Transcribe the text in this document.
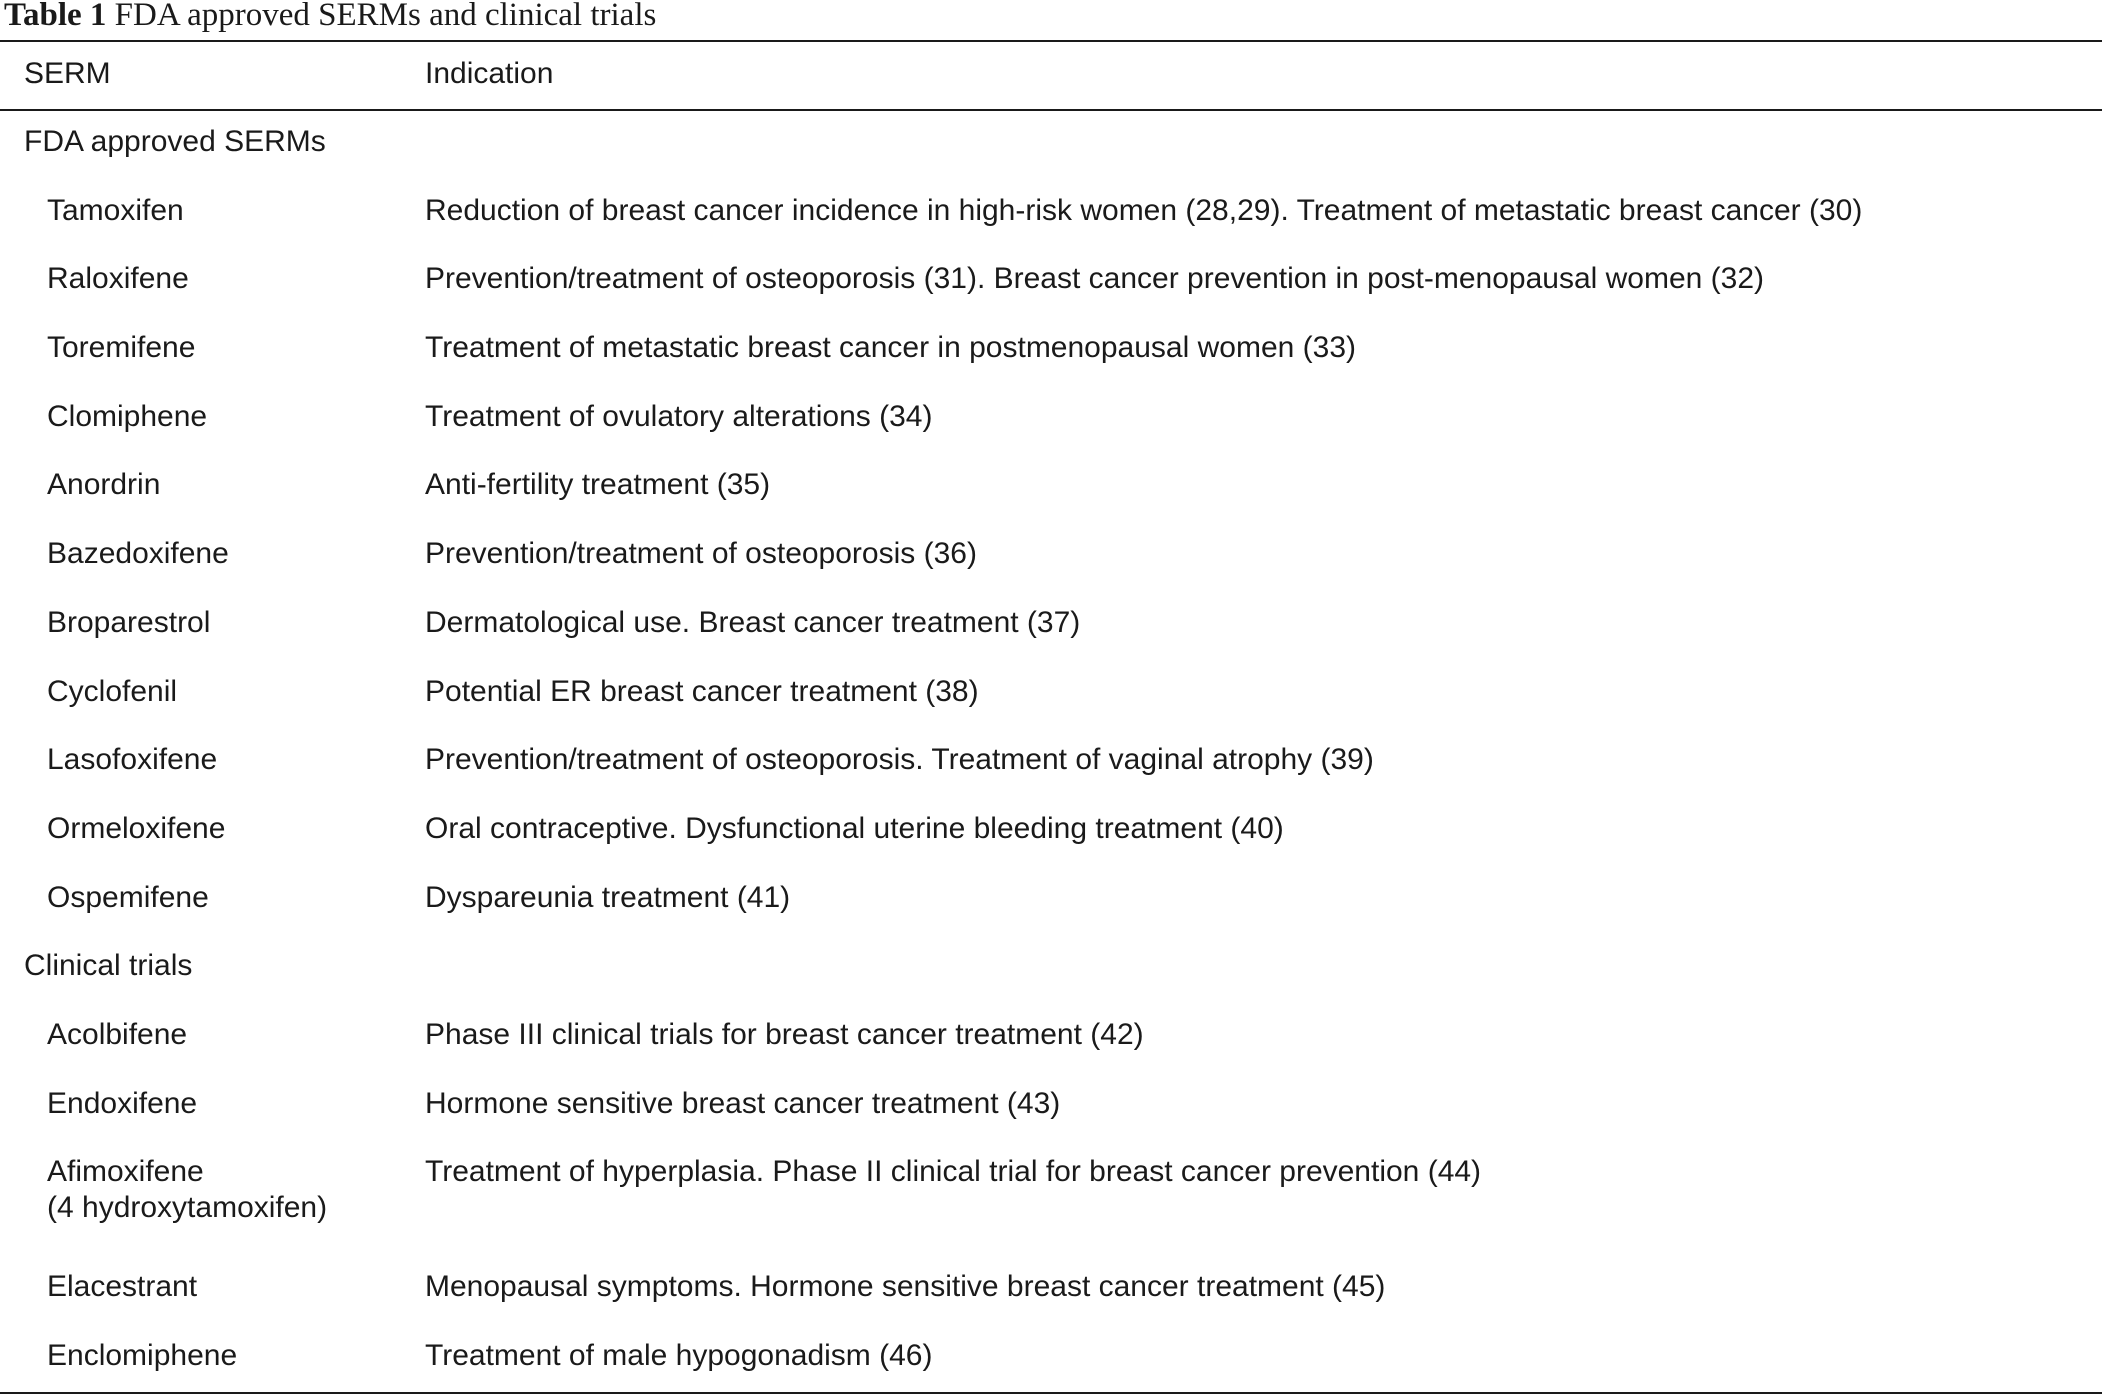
Table 1 FDA approved SERMs and clinical trials
SERM	Indication
FDA approved SERMs	
Tamoxifen	Reduction of breast cancer incidence in high-risk women (28,29). Treatment of metastatic breast cancer (30)
Raloxifene	Prevention/treatment of osteoporosis (31). Breast cancer prevention in post-menopausal women (32)
Toremifene	Treatment of metastatic breast cancer in postmenopausal women (33)
Clomiphene	Treatment of ovulatory alterations (34)
Anordrin	Anti-fertility treatment (35)
Bazedoxifene	Prevention/treatment of osteoporosis (36)
Broparestrol	Dermatological use. Breast cancer treatment (37)
Cyclofenil	Potential ER breast cancer treatment (38)
Lasofoxifene	Prevention/treatment of osteoporosis. Treatment of vaginal atrophy (39)
Ormeloxifene	Oral contraceptive. Dysfunctional uterine bleeding treatment (40)
Ospemifene	Dyspareunia treatment (41)
Clinical trials	
Acolbifene	Phase III clinical trials for breast cancer treatment (42)
Endoxifene	Hormone sensitive breast cancer treatment (43)
Afimoxifene
(4 hydroxytamoxifen)	Treatment of hyperplasia. Phase II clinical trial for breast cancer prevention (44)
Elacestrant	Menopausal symptoms. Hormone sensitive breast cancer treatment (45)
Enclomiphene	Treatment of male hypogonadism (46)
